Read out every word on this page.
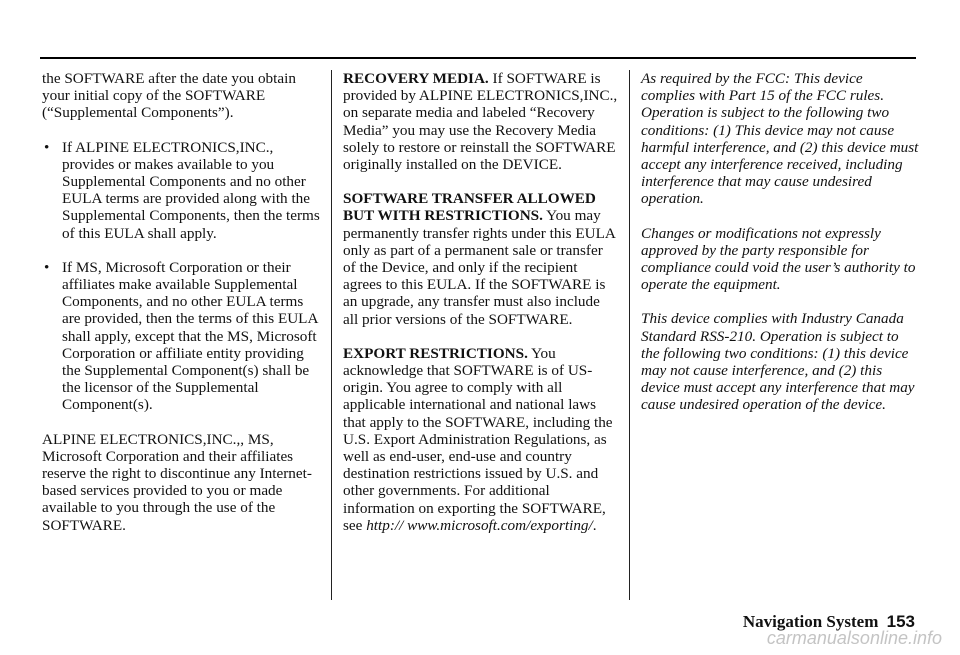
the SOFTWARE after the date you obtain your initial copy of the SOFTWARE (“Supplemental Components”).

• If ALPINE ELECTRONICS,INC., provides or makes available to you Supplemental Components and no other EULA terms are provided along with the Supplemental Components, then the terms of this EULA shall apply.

• If MS, Microsoft Corporation or their affiliates make available Supplemental Components, and no other EULA terms are provided, then the terms of this EULA shall apply, except that the MS, Microsoft Corporation or affiliate entity providing the Supplemental Component(s) shall be the licensor of the Supplemental Component(s).

ALPINE ELECTRONICS,INC.,, MS, Microsoft Corporation and their affiliates reserve the right to discontinue any Internet-based services provided to you or made available to you through the use of the SOFTWARE.

RECOVERY MEDIA. If SOFTWARE is provided by ALPINE ELECTRONICS,INC., on separate media and labeled “Recovery Media” you may use the Recovery Media solely to restore or reinstall the SOFTWARE originally installed on the DEVICE.

SOFTWARE TRANSFER ALLOWED BUT WITH RESTRICTIONS. You may permanently transfer rights under this EULA only as part of a permanent sale or transfer of the Device, and only if the recipient agrees to this EULA. If the SOFTWARE is an upgrade, any transfer must also include all prior versions of the SOFTWARE.

EXPORT RESTRICTIONS. You acknowledge that SOFTWARE is of US-origin. You agree to comply with all applicable international and national laws that apply to the SOFTWARE, including the U.S. Export Administration Regulations, as well as end-user, end-use and country destination restrictions issued by U.S. and other governments. For additional information on exporting the SOFTWARE, see http:// www.microsoft.com/exporting/.

As required by the FCC: This device complies with Part 15 of the FCC rules. Operation is subject to the following two conditions: (1) This device may not cause harmful interference, and (2) this device must accept any interference received, including interference that may cause undesired operation.

Changes or modifications not expressly approved by the party responsible for compliance could void the user’s authority to operate the equipment.

This device complies with Industry Canada Standard RSS-210. Operation is subject to the following two conditions: (1) this device may not cause interference, and (2) this device must accept any interference that may cause undesired operation of the device.

Navigation System 153
carmanualsonline.info
